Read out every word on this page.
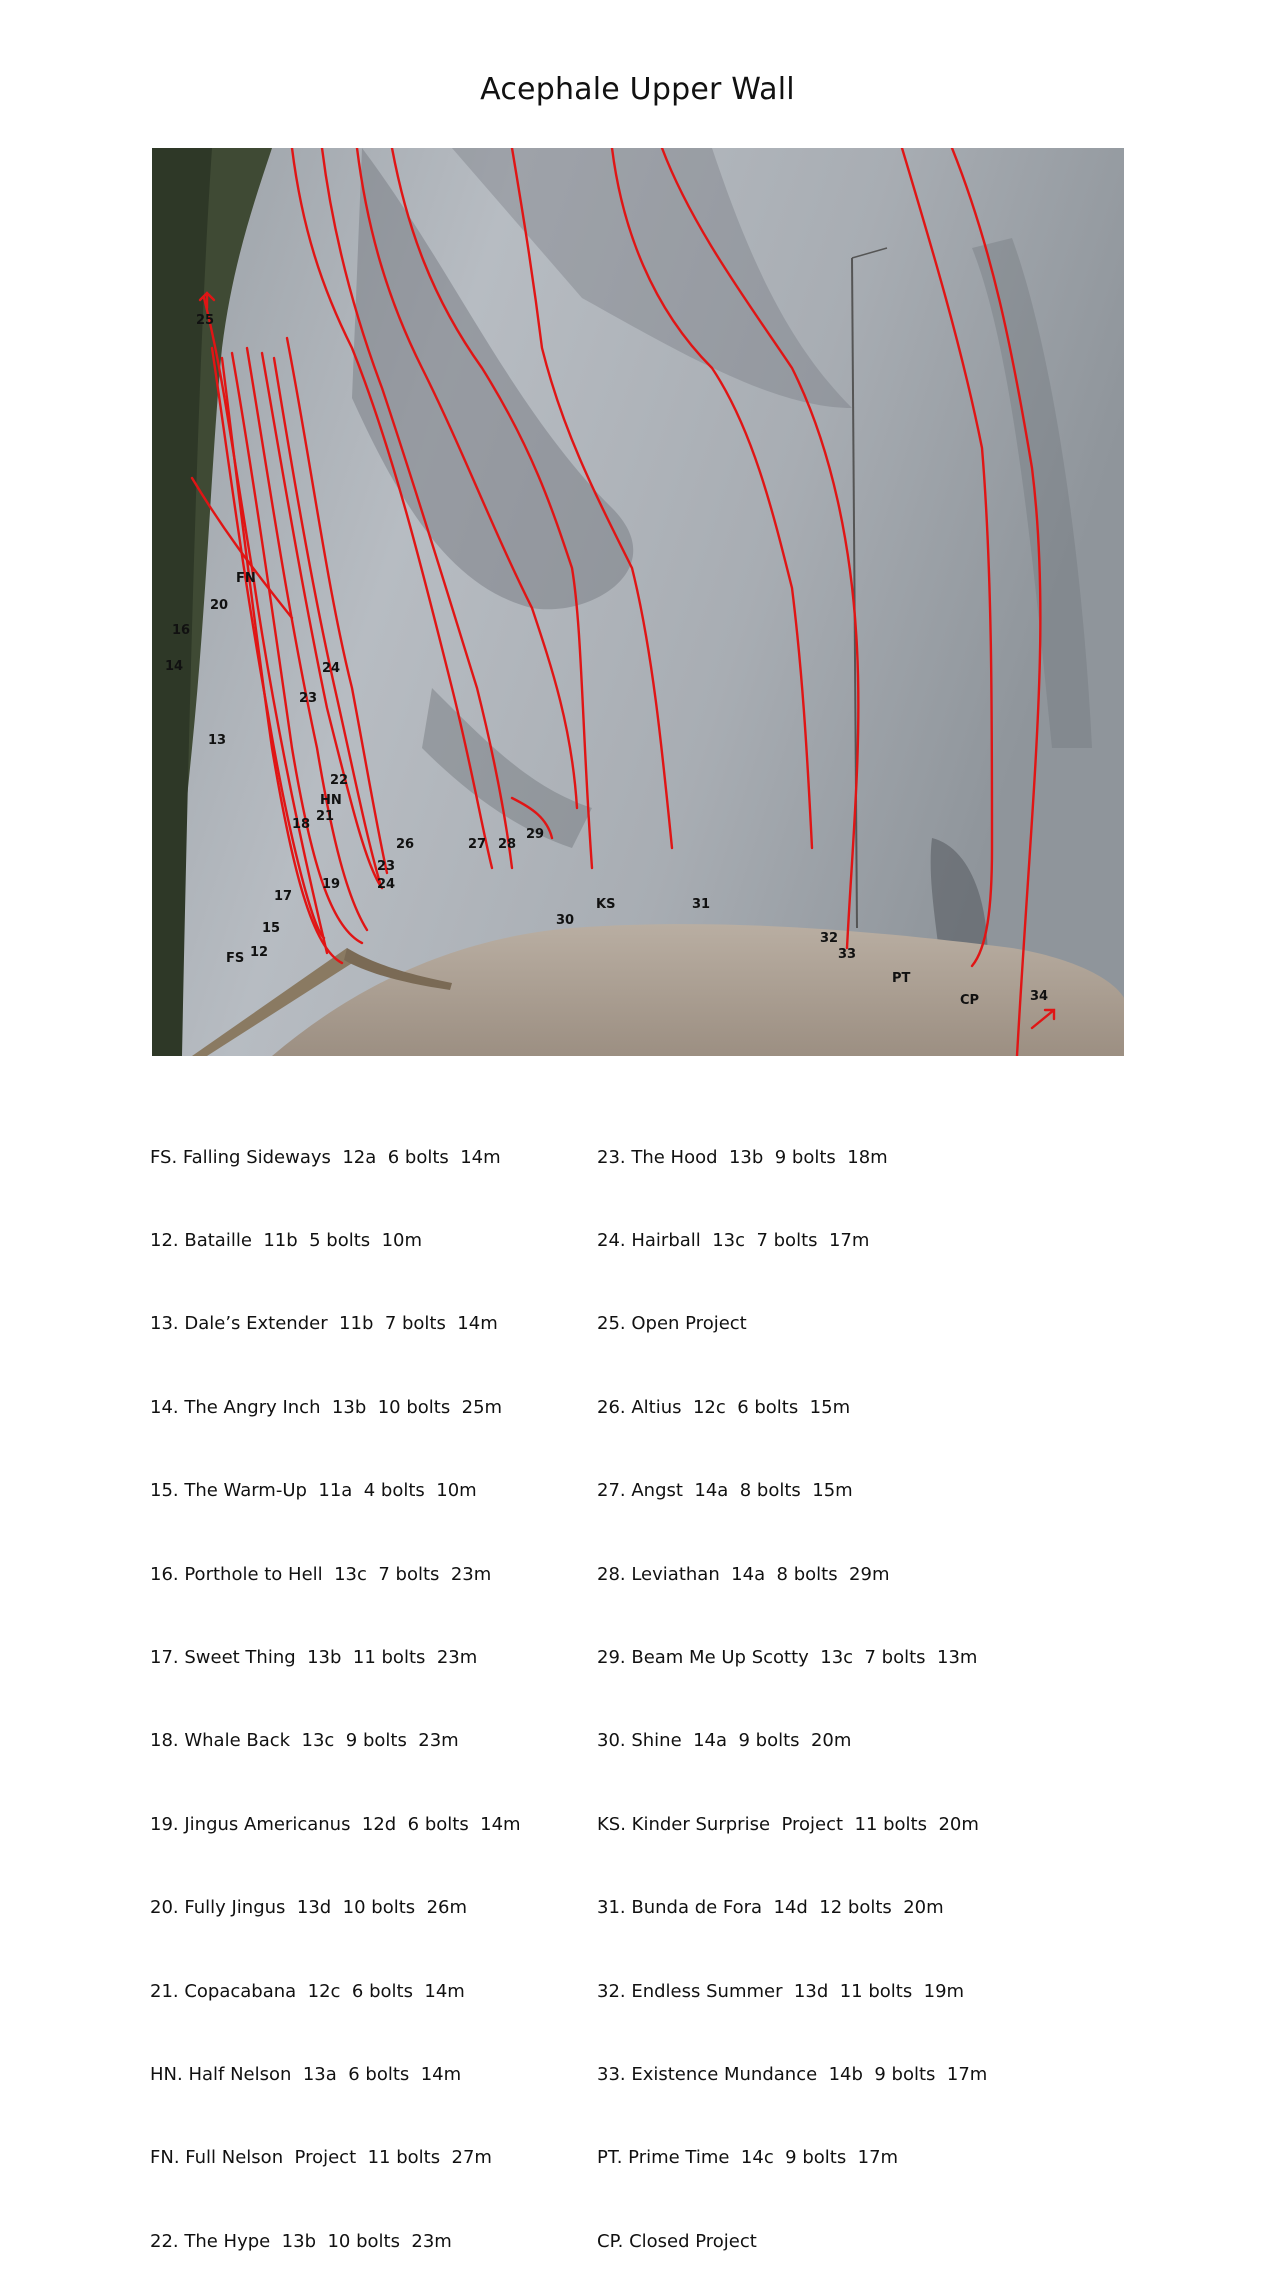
Acephale Upper Wall
25
FN
20
16
14	24
23
13
22
HN
21
18
26	27 28
29
23
24
19
17
15
12
FS
30
KS	31
32
33
PT
CP	34

FS. Falling Sideways  12a  6 bolts  14m

12. Bataille  11b  5 bolts  10m

13. Dale’s Extender  11b  7 bolts  14m

14. The Angry Inch  13b  10 bolts  25m

15. The Warm-Up  11a  4 bolts  10m

16. Porthole to Hell  13c  7 bolts  23m

17. Sweet Thing  13b  11 bolts  23m

18. Whale Back  13c  9 bolts  23m

19. Jingus Americanus  12d  6 bolts  14m

20. Fully Jingus  13d  10 bolts  26m

21. Copacabana  12c  6 bolts  14m

HN. Half Nelson  13a  6 bolts  14m

FN. Full Nelson  Project  11 bolts  27m

22. The Hype  13b  10 bolts  23m

23. The Hood  13b  9 bolts  18m

24. Hairball  13c  7 bolts  17m

25. Open Project

26. Altius  12c  6 bolts  15m

27. Angst  14a  8 bolts  15m

28. Leviathan  14a  8 bolts  29m

29. Beam Me Up Scotty  13c  7 bolts  13m

30. Shine  14a  9 bolts  20m

KS. Kinder Surprise  Project  11 bolts  20m

31. Bunda de Fora  14d  12 bolts  20m

32. Endless Summer  13d  11 bolts  19m

33. Existence Mundance  14b  9 bolts  17m

PT. Prime Time  14c  9 bolts  17m

CP. Closed Project
